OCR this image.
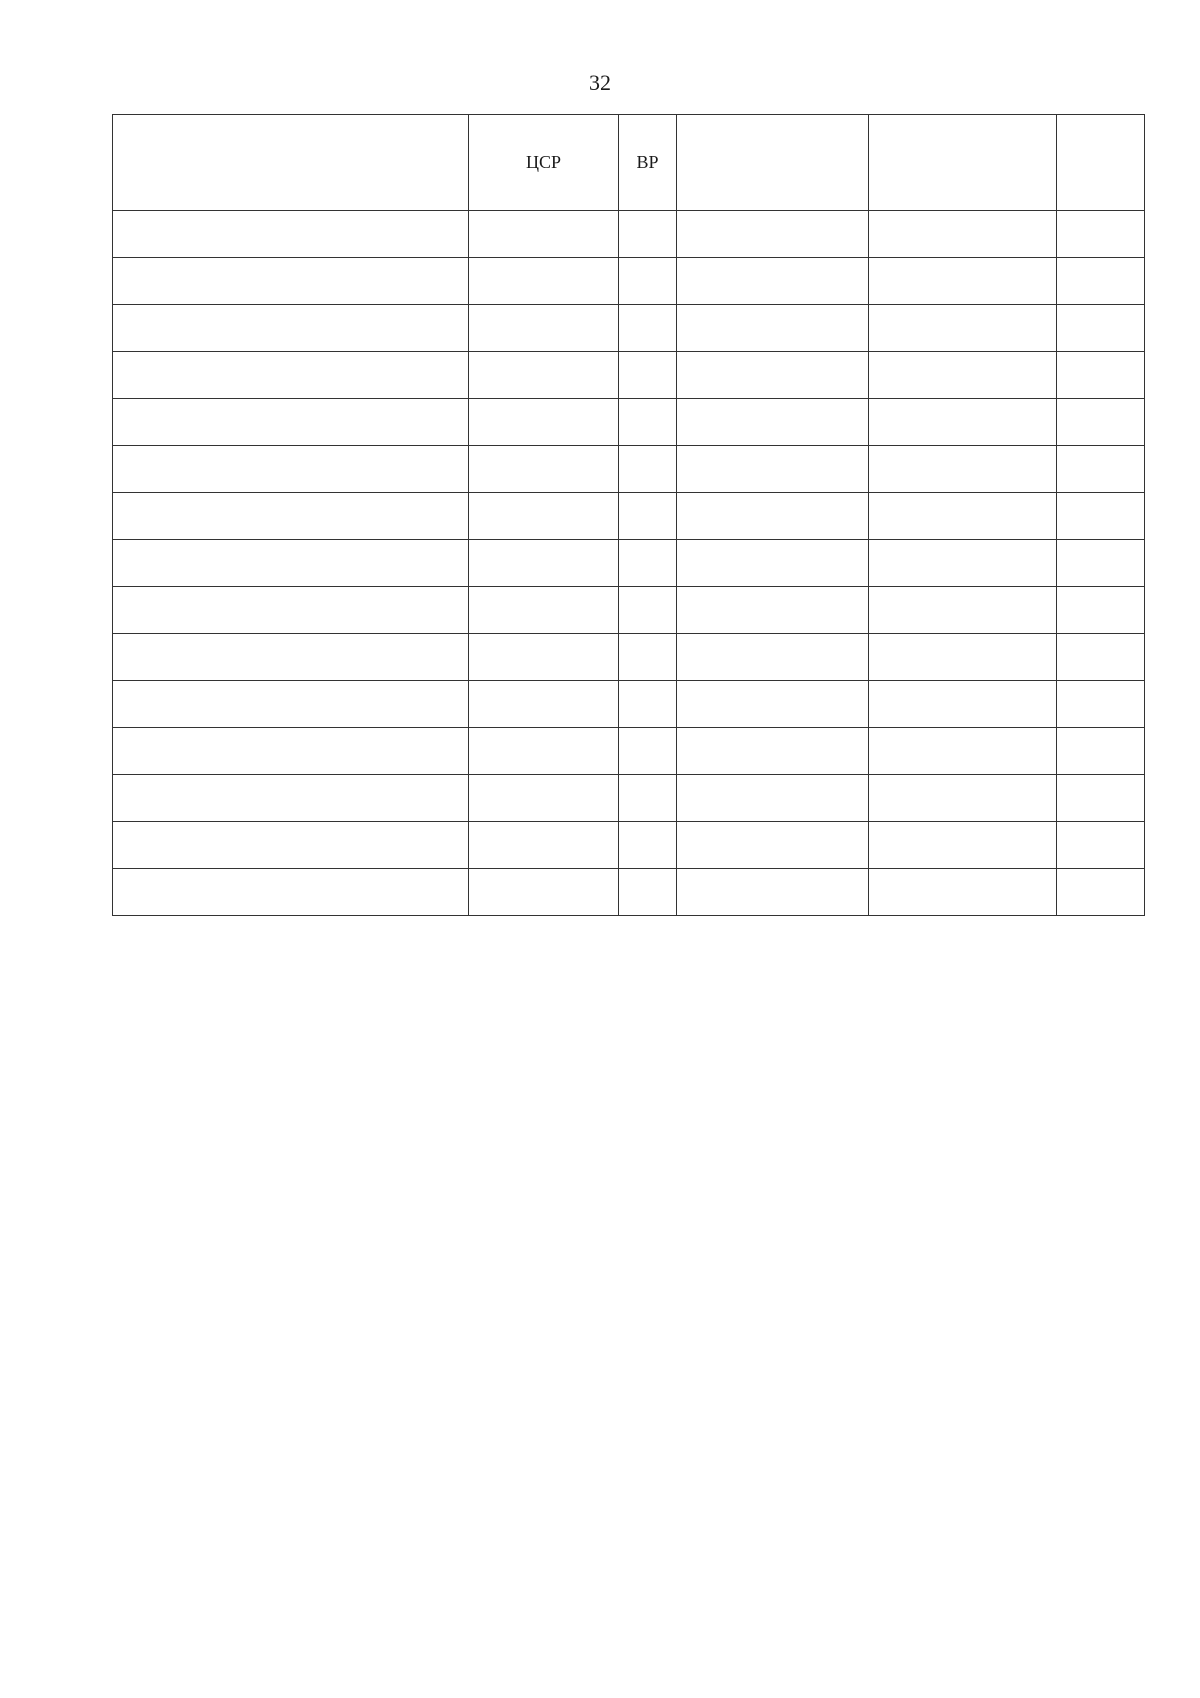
32
	ЦСР	ВР			
